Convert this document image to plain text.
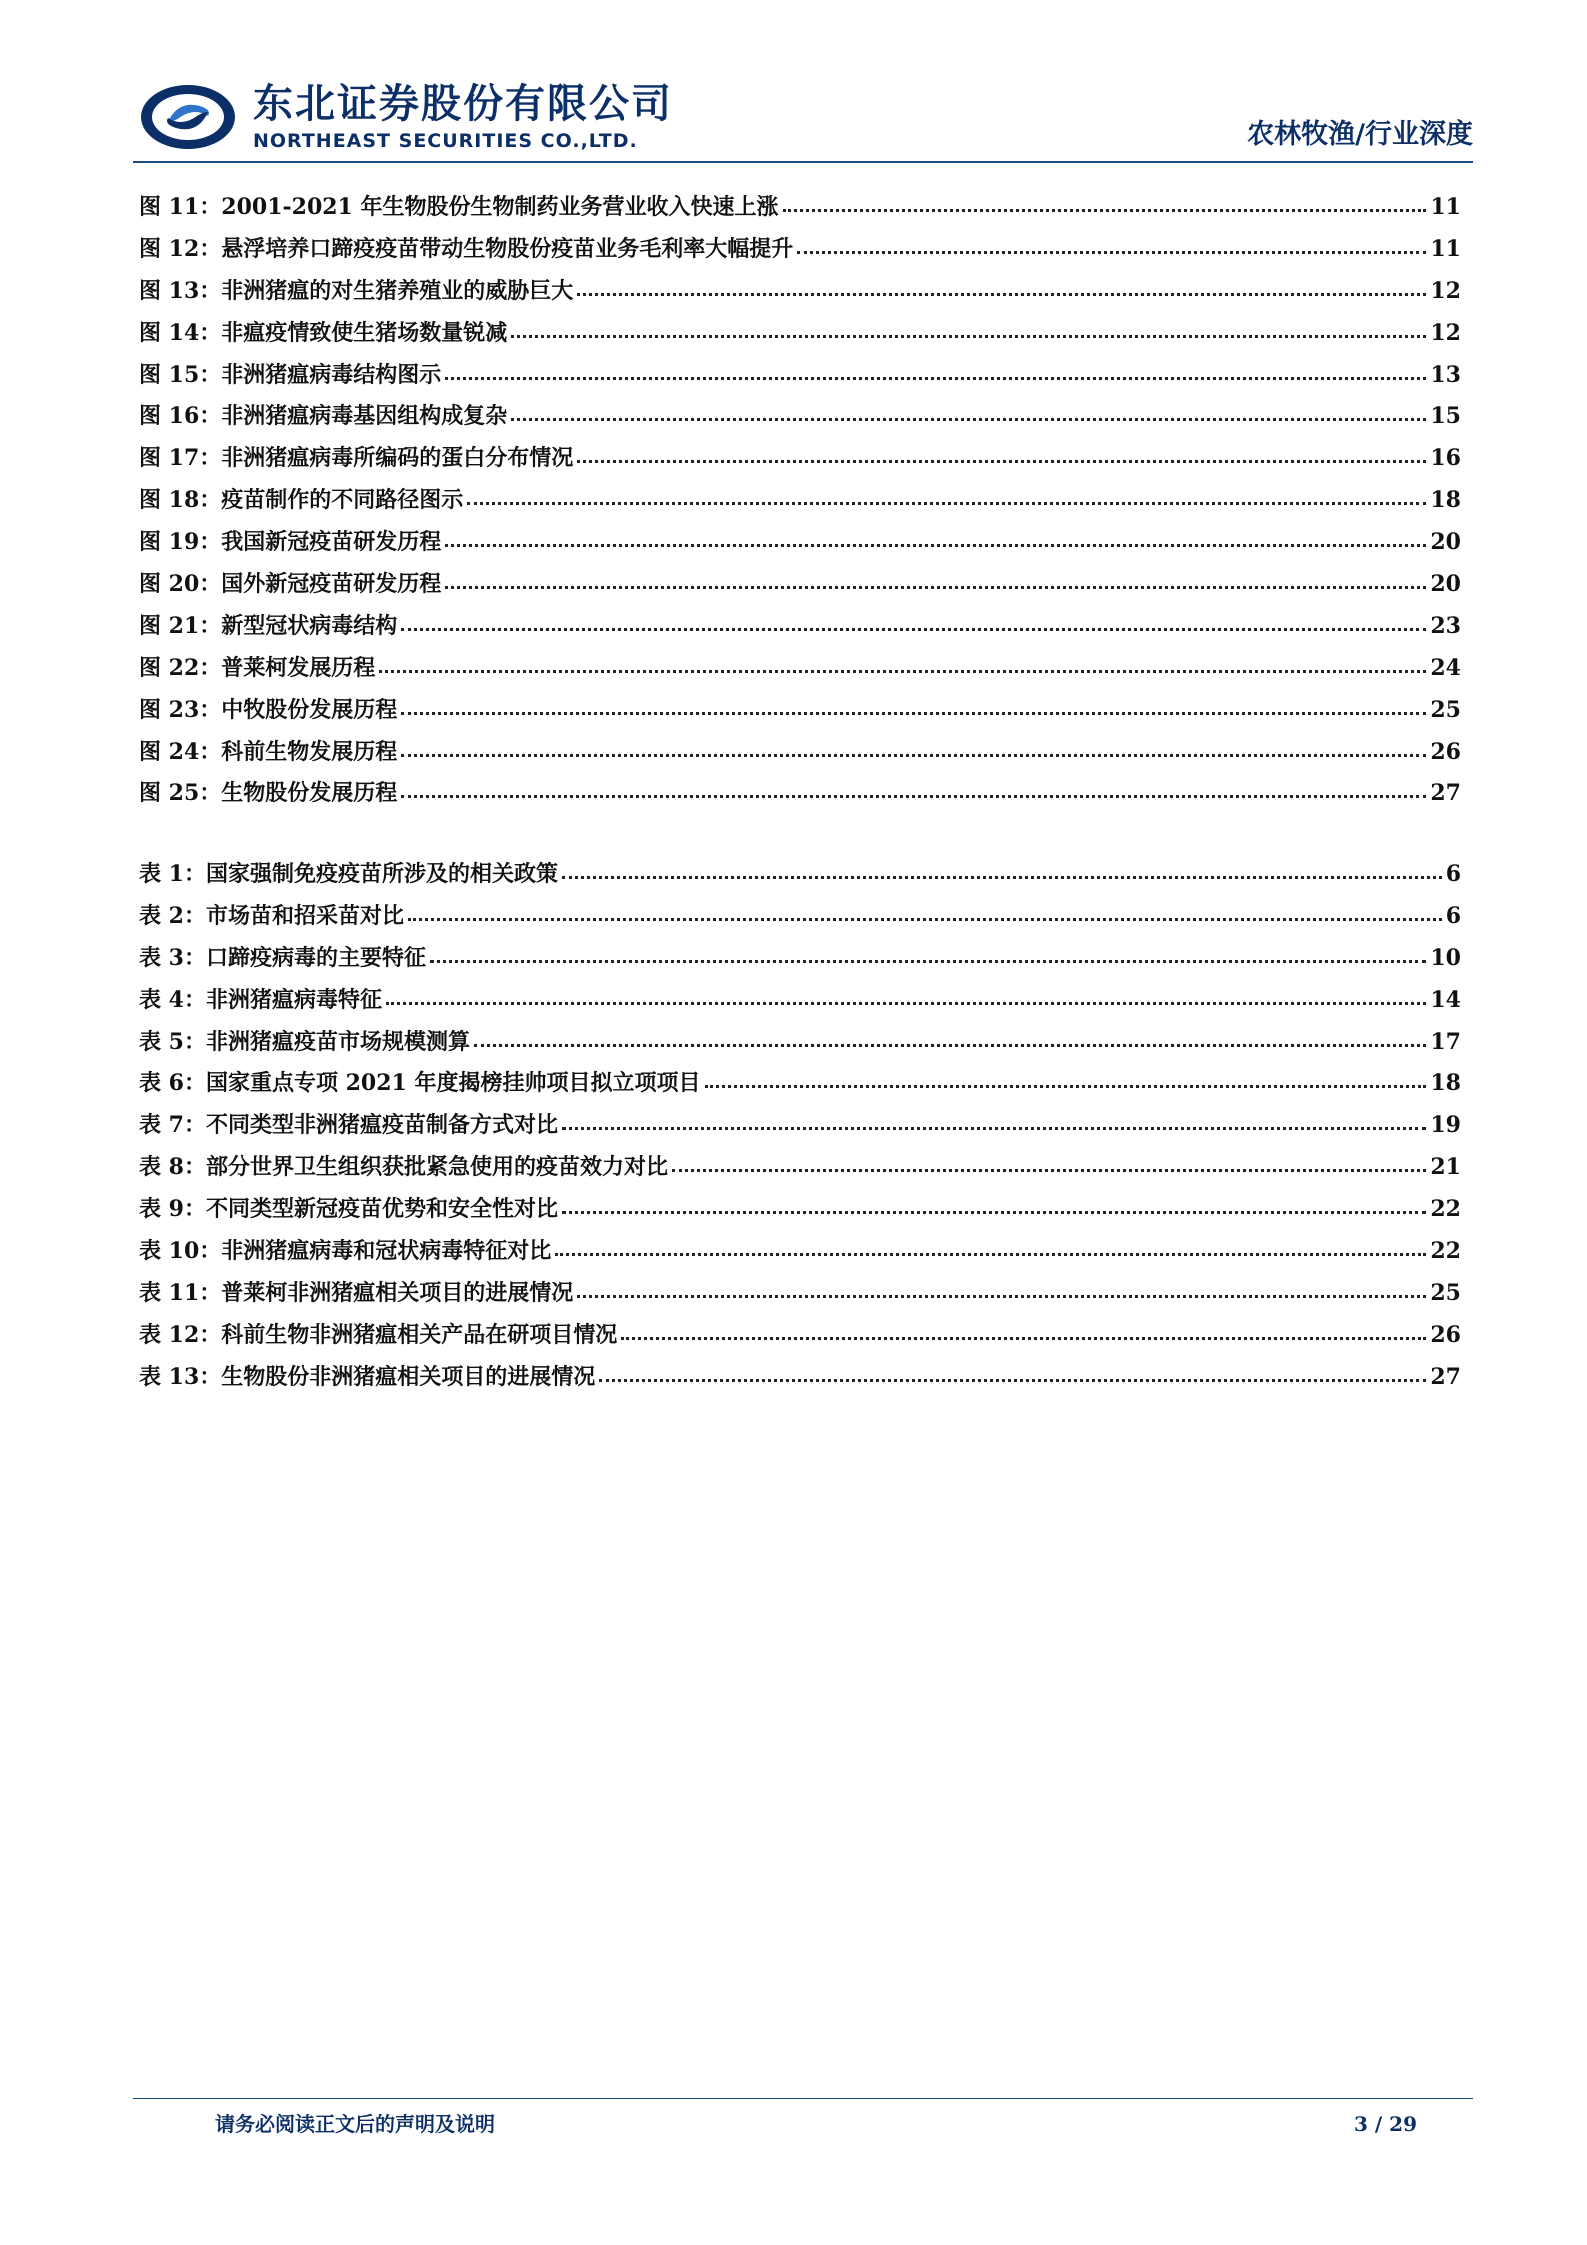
东北证券股份有限公司
NORTHEAST SECURITIES CO.,LTD.	农林牧渔/行业深度
图 11：2001-2021 年生物股份生物制药业务营业收入快速上涨	11
图 12：悬浮培养口蹄疫疫苗带动生物股份疫苗业务毛利率大幅提升	11
图 13：非洲猪瘟的对生猪养殖业的威胁巨大	12
图 14：非瘟疫情致使生猪场数量锐减	12
图 15：非洲猪瘟病毒结构图示	13
图 16：非洲猪瘟病毒基因组构成复杂	15
图 17：非洲猪瘟病毒所编码的蛋白分布情况	16
图 18：疫苗制作的不同路径图示	18
图 19：我国新冠疫苗研发历程	20
图 20：国外新冠疫苗研发历程	20
图 21：新型冠状病毒结构	23
图 22：普莱柯发展历程	24
图 23：中牧股份发展历程	25
图 24：科前生物发展历程	26
图 25：生物股份发展历程	27
表 1：国家强制免疫疫苗所涉及的相关政策	6
表 2：市场苗和招采苗对比	6
表 3：口蹄疫病毒的主要特征	10
表 4：非洲猪瘟病毒特征	14
表 5：非洲猪瘟疫苗市场规模测算	17
表 6：国家重点专项 2021 年度揭榜挂帅项目拟立项项目	18
表 7：不同类型非洲猪瘟疫苗制备方式对比	19
表 8：部分世界卫生组织获批紧急使用的疫苗效力对比	21
表 9：不同类型新冠疫苗优势和安全性对比	22
表 10：非洲猪瘟病毒和冠状病毒特征对比	22
表 11：普莱柯非洲猪瘟相关项目的进展情况	25
表 12：科前生物非洲猪瘟相关产品在研项目情况	26
表 13：生物股份非洲猪瘟相关项目的进展情况	27
请务必阅读正文后的声明及说明	3 / 29
